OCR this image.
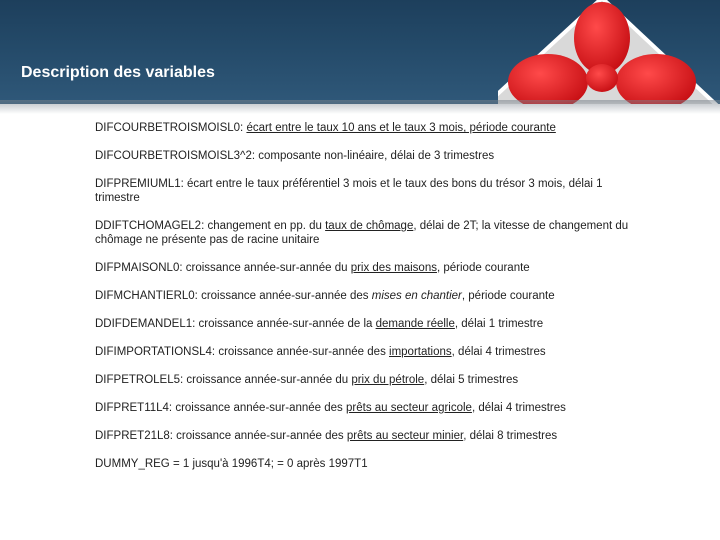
Description des variables

DIFCOURBETROISMOISL0: écart entre le taux 10 ans et le taux 3 mois, période courante

DIFCOURBETROISMOISL3^2: composante non-linéaire, délai de 3 trimestres

DIFPREMIUML1: écart entre le taux préférentiel 3 mois et le taux des bons du trésor 3 mois, délai 1 trimestre

DDIFTCHOMAGEL2: changement en pp. du taux de chômage, délai de 2T; la vitesse de changement du chômage ne présente pas de racine unitaire

DIFPMAISONL0: croissance année-sur-année du prix des maisons, période courante

DIFMCHANTIERL0: croissance année-sur-année des mises en chantier, période courante

DDIFDEMANDEL1: croissance année-sur-année de la demande réelle, délai 1 trimestre

DIFIMPORTATIONSL4: croissance année-sur-année des importations, délai 4 trimestres

DIFPETROLEL5: croissance année-sur-année du prix du pétrole, délai 5 trimestres

DIFPRET11L4: croissance année-sur-année des prêts au secteur agricole, délai 4 trimestres

DIFPRET21L8: croissance année-sur-année des prêts au secteur minier, délai 8 trimestres

DUMMY_REG = 1 jusqu'à 1996T4; = 0 après 1997T1
